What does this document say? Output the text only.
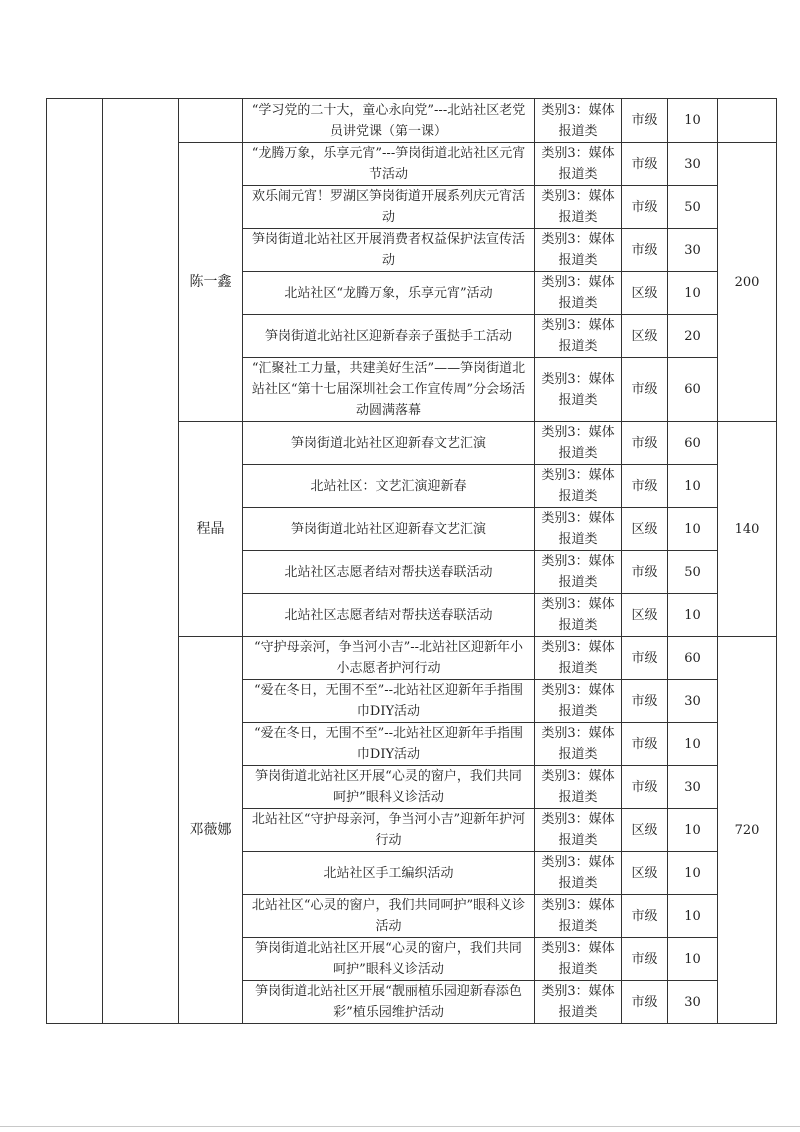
			“学习党的二十大，童心永向党”---北站社区老党员讲党课（第一课）	类别3：媒体报道类	市级	10	
		陈一鑫	“龙腾万象，乐享元宵”---笋岗街道北站社区元宵节活动	类别3：媒体报道类	市级	30	200
			欢乐闹元宵！罗湖区笋岗街道开展系列庆元宵活动	类别3：媒体报道类	市级	50	
			笋岗街道北站社区开展消费者权益保护法宣传活动	类别3：媒体报道类	市级	30	
			北站社区“龙腾万象，乐享元宵”活动	类别3：媒体报道类	区级	10	
			笋岗街道北站社区迎新春亲子蛋挞手工活动	类别3：媒体报道类	区级	20	
			“汇聚社工力量，共建美好生活”——笋岗街道北站社区“第十七届深圳社会工作宣传周”分会场活动圆满落幕	类别3：媒体报道类	市级	60	
		程晶	笋岗街道北站社区迎新春文艺汇演	类别3：媒体报道类	市级	60	140
			北站社区：文艺汇演迎新春	类别3：媒体报道类	市级	10	
			笋岗街道北站社区迎新春文艺汇演	类别3：媒体报道类	区级	10	
			北站社区志愿者结对帮扶送春联活动	类别3：媒体报道类	市级	50	
			北站社区志愿者结对帮扶送春联活动	类别3：媒体报道类	区级	10	
		邓薇娜	“守护母亲河，争当河小吉”--北站社区迎新年小小志愿者护河行动	类别3：媒体报道类	市级	60	720
			“爱在冬日，无围不至”--北站社区迎新年手指围巾DIY活动	类别3：媒体报道类	市级	30	
			“爱在冬日，无围不至”--北站社区迎新年手指围巾DIY活动	类别3：媒体报道类	市级	10	
			笋岗街道北站社区开展“心灵的窗户，我们共同呵护”眼科义诊活动	类别3：媒体报道类	市级	30	
			北站社区“守护母亲河，争当河小吉”迎新年护河行动	类别3：媒体报道类	区级	10	
			北站社区手工编织活动	类别3：媒体报道类	区级	10	
			北站社区“心灵的窗户，我们共同呵护”眼科义诊活动	类别3：媒体报道类	市级	10	
			笋岗街道北站社区开展“心灵的窗户，我们共同呵护”眼科义诊活动	类别3：媒体报道类	市级	10	
			笋岗街道北站社区开展“靓丽植乐园迎新春添色彩”植乐园维护活动	类别3：媒体报道类	市级	30	
